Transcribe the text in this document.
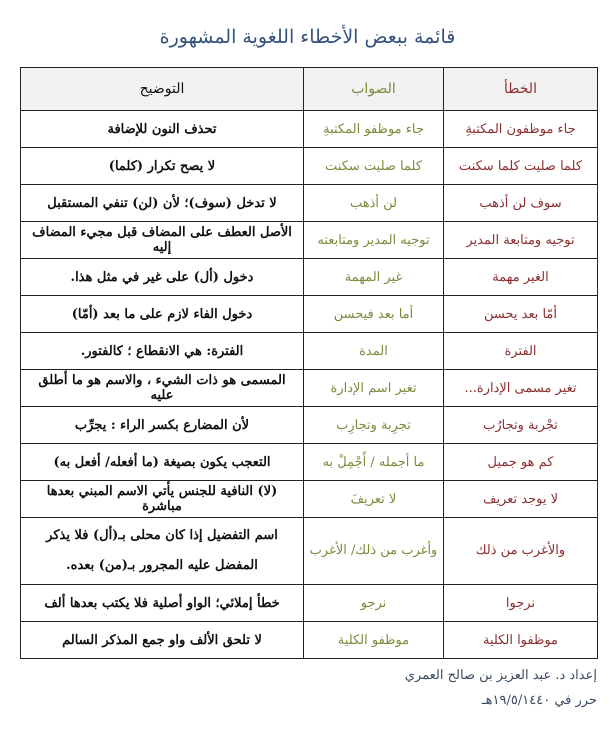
قائمة ببعض الأخطاء اللغوية المشهورة
الخطأ	الصواب	التوضيح
جاء موظفون المكتبةِ	جاء موظفو المكتبةِ	تحذف النون للإضافة
كلما صليت كلما سكنت	كلما صليت سكنت	لا يصح تكرار (كلما)
سوف لن أذهب	لن أذهب	لا تدخل (سوف)؛ لأن (لن) تنفي المستقبل
توجيه ومتابعة المدير	توجيه المدير ومتابعته	الأصل العطف على المضاف قبل مجيء المضاف إليه
الغير مهمة	غير المهمة	دخول (أل) على غير في مثل هذا.
أمّا بعد يحسن	أما بعد فيحسن	دخول الفاء لازم على ما بعد (أمّا)
الفترة	المدة	الفترة: هي الانقطاع ؛ كالفتور.
تغير مسمى الإدارة...	تغير اسم الإدارة	المسمى هو ذات الشيء ، والاسم هو ما أطلق عليه
تجْربة وتجارُب	تجرِبة وتجارِب	لأن المضارع بكسر الراء : يجرِّب
كم هو جميل	ما أجمله / أَجْمِلْ به	التعجب يكون بصيغة (ما أفعله/ أفعل به)
لا يوجد تعريف	لا تعريفَ	(لا) النافية للجنس يأتي الاسم المبني بعدها مباشرة
والأغرب من ذلك	وأغرب من ذلك/ الأغرب	اسم التفضيل إذا كان محلى بـ(أل) فلا يذكر المفضل عليه المجرور بـ(من) بعده.
نرجوا	نرجو	خطأ إملائي؛ الواو أصلية فلا يكتب بعدها ألف
موظفوا الكلية	موظفو الكلية	لا تلحق الألف واو جمع المذكر السالم
إعداد د. عبد العزيز بن صالح العمري
حرر في ١٩/٥/١٤٤٠هـ
